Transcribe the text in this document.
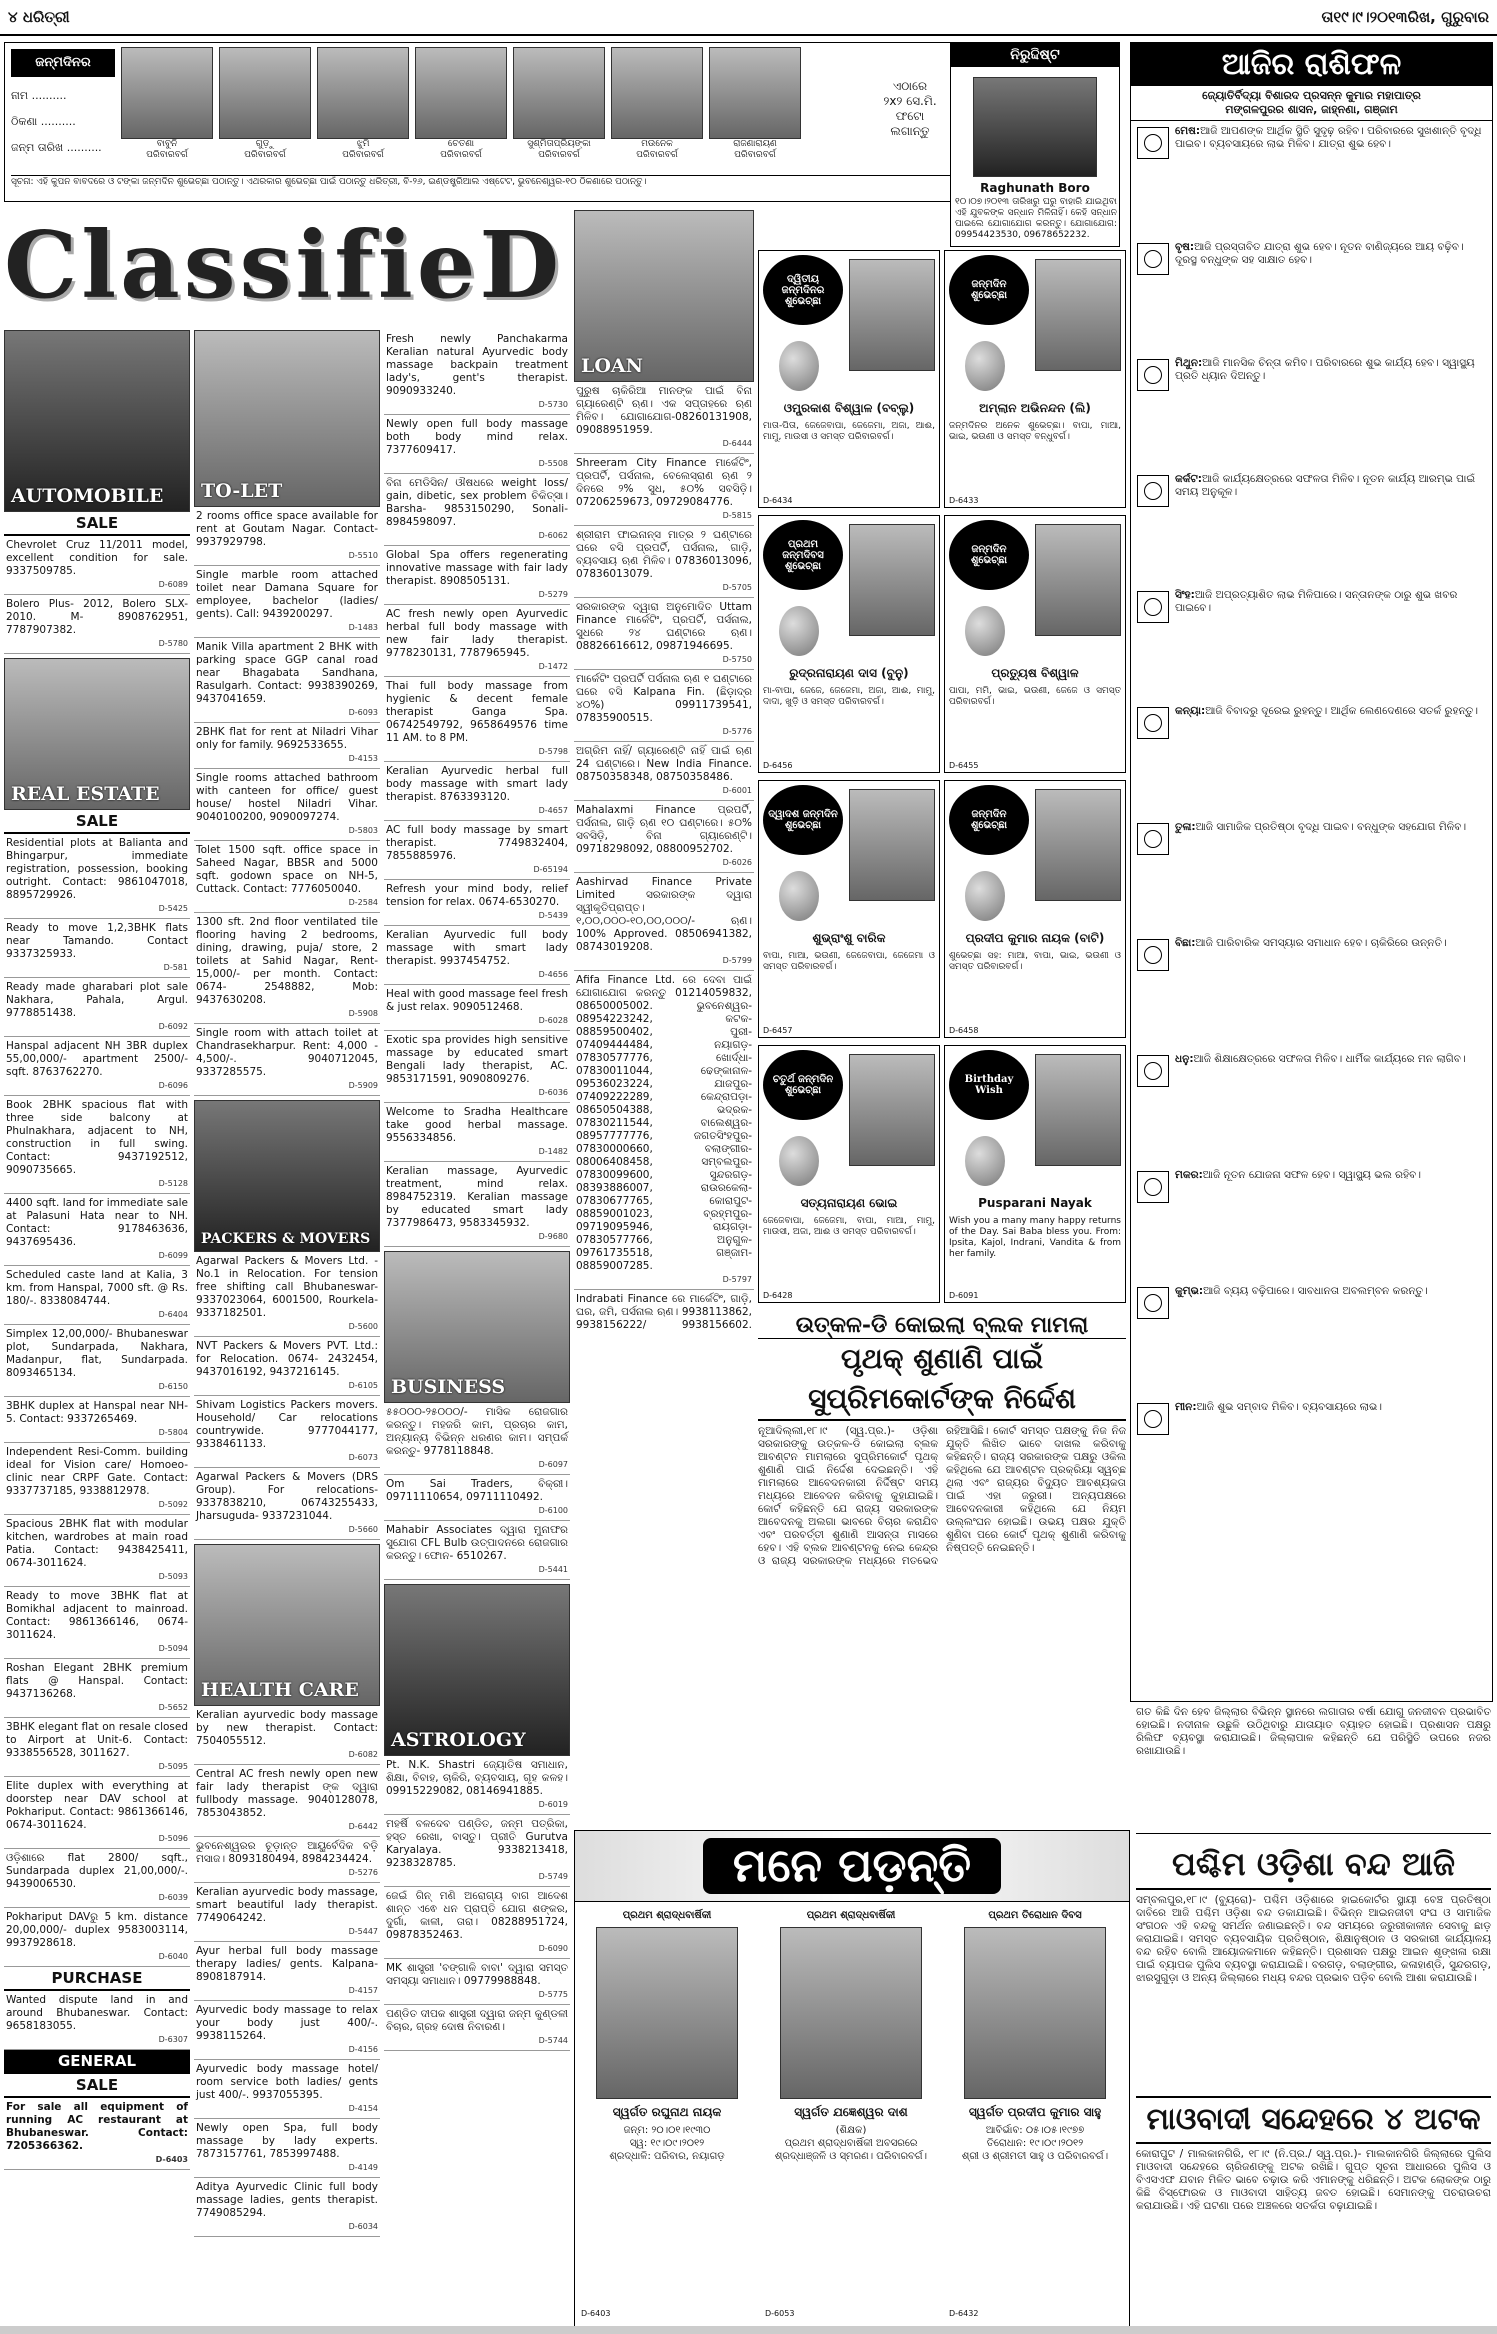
୪ ଧରିତ୍ରୀ	ତା୧୯।୯।୨୦୧୩ରିଖ, ଗୁରୁବାର
ଜନ୍ମଦିନର
ନାମ ..........
ଠିକଣା ..........
ଜନ୍ମ ତାରିଖ ..........	ବାବୁନି
ପରିବାରବର୍ଗ
ଗୁଡ଼ୁ
ପରିବାରବର୍ଗ
ଝୁମି
ପରିବାରବର୍ଗ
ଚେତଣା
ପରିବାରବର୍ଗ
ସୁଶ୍ମିତାପ୍ରିୟଙ୍କା
ପରିବାରବର୍ଗ
ମଉନେକ
ପରିବାରବର୍ଗ
ରାଜଣାରାୟଣ
ପରିବାରବର୍ଗ
ଏଠାରେ
୨x୨ ସେ.ମି.
ଫଟୋ
ଲଗାନ୍ତୁ
ସୂଚନା: ଏହି କୁପନ ବାବଦରେ ଓ ଟଙ୍କା ଜନ୍ମଦିନ ଶୁଭେଚ୍ଛା ପଠାନ୍ତୁ। ଏଥରକାର ଶୁଭେଚ୍ଛା ପାଇଁ ପଠାନ୍ତୁ ଧରିତ୍ରୀ, ବି-୨୬, ଇଣ୍ଡଷ୍ଟ୍ରିଆଲ ଏଷ୍ଟେଟ, ଭୁବନେଶ୍ୱର-୧୦ ଠିକଣାରେ ପଠାନ୍ତୁ।
ନିରୁଦ୍ଦିଷ୍ଟ
Raghunath Boro
୧୦।୦୭।୨୦୧୩ ତାରିଖରୁ ଘରୁ ବାହାରି ଯାଇଥିବା ଏହି ଯୁବକଙ୍କ ସନ୍ଧାନ ମିଳିନାହିଁ। କେହି ସନ୍ଧାନ ପାଇଲେ ଯୋଗାଯୋଗ କରନ୍ତୁ। ଯୋଗାଯୋଗ: 09954423530, 09678652232.
ଆଜିର ରାଶିଫଳ
ଜ୍ୟୋତିର୍ବିଦ୍ୟା ବିଶାରଦ ପ୍ରସନ୍ନ କୁମାର ମହାପାତ୍ର
ମଙ୍ଗଳପୁରର ଶାସନ, ଜାହ୍ନଣା, ଗଞ୍ଜାମ

ମେଷ:ଆଜି ଆପଣଙ୍କ ଆର୍ଥିକ ସ୍ଥିତି ସୁଦୃଢ଼ ରହିବ। ପରିବାରରେ ସୁଖଶାନ୍ତି ବୃଦ୍ଧି ପାଇବ। ବ୍ୟବସାୟରେ ଲାଭ ମିଳିବ। ଯାତ୍ରା ଶୁଭ ହେବ।

ବୃଷ:ଆଜି ପ୍ରସ୍ତାବିତ ଯାତ୍ରା ଶୁଭ ହେବ। ନୂତନ ବାଣିଜ୍ୟରେ ଆୟ ବଢ଼ିବ। ଦୂରସ୍ଥ ବନ୍ଧୁଙ୍କ ସହ ସାକ୍ଷାତ ହେବ।

ମିଥୁନ:ଆଜି ମାନସିକ ଚିନ୍ତା କମିବ। ପରିବାରରେ ଶୁଭ କାର୍ଯ୍ୟ ହେବ। ସ୍ୱାସ୍ଥ୍ୟ ପ୍ରତି ଧ୍ୟାନ ଦିଅନ୍ତୁ।

କର୍କଟ:ଆଜି କାର୍ଯ୍ୟକ୍ଷେତ୍ରରେ ସଫଳତା ମିଳିବ। ନୂତନ କାର୍ଯ୍ୟ ଆରମ୍ଭ ପାଇଁ ସମୟ ଅନୁକୂଳ।

ସିଂହ:ଆଜି ଅପ୍ରତ୍ୟାଶିତ ଲାଭ ମିଳିପାରେ। ସନ୍ତାନଙ୍କ ଠାରୁ ଶୁଭ ଖବର ପାଇବେ।

କନ୍ୟା:ଆଜି ବିବାଦରୁ ଦୂରେଇ ରୁହନ୍ତୁ। ଆର୍ଥିକ ଲେଣଦେଣରେ ସତର୍କ ରୁହନ୍ତୁ।

ତୁଳା:ଆଜି ସାମାଜିକ ପ୍ରତିଷ୍ଠା ବୃଦ୍ଧି ପାଇବ। ବନ୍ଧୁଙ୍କ ସହଯୋଗ ମିଳିବ।

ବିଛା:ଆଜି ପାରିବାରିକ ସମସ୍ୟାର ସମାଧାନ ହେବ। ଚାକିରିରେ ଉନ୍ନତି।

ଧନୁ:ଆଜି ଶିକ୍ଷାକ୍ଷେତ୍ରରେ ସଫଳତା ମିଳିବ। ଧାର୍ମିକ କାର୍ଯ୍ୟରେ ମନ ଲାଗିବ।

ମକର:ଆଜି ନୂତନ ଯୋଜନା ସଫଳ ହେବ। ସ୍ୱାସ୍ଥ୍ୟ ଭଲ ରହିବ।

କୁମ୍ଭ:ଆଜି ବ୍ୟୟ ବଢ଼ିପାରେ। ସାବଧାନତା ଅବଲମ୍ବନ କରନ୍ତୁ।

ମୀନ:ଆଜି ଶୁଭ ସମ୍ବାଦ ମିଳିବ। ବ୍ୟବସାୟରେ ଲାଭ।

ClassifieD
AUTOMOBILE
SALE
Chevrolet Cruz 11/2011 model, excellent condition for sale. 9337509785.
D-6089
Bolero Plus- 2012, Bolero SLX- 2010. M- 8908762951, 7787907382.
D-5780
REAL ESTATE
SALE
Residential plots at Balianta and Bhingarpur, immediate registration, possession, booking outright. Contact: 9861047018, 8895729926.
D-5425
Ready to move 1,2,3BHK flats near Tamando. Contact 9337325933.
D-581
Ready made gharabari plot sale Nakhara, Pahala, Argul. 9778851438.
D-6092
Hanspal adjacent NH 3BR duplex 55,00,000/- apartment 2500/- sqft. 8763762270.
D-6096
Book 2BHK spacious flat with three side balcony at Phulnakhara, adjacent to NH, construction in full swing. Contact: 9437192512, 9090735665.
D-5128
4400 sqft. land for immediate sale at Palasuni Hata near to NH. Contact: 9178463636, 9437695436.
D-6099
Scheduled caste land at Kalia, 3 km. from Hanspal, 7000 sft. @ Rs. 180/-. 8338084744.
D-6404
Simplex 12,00,000/- Bhubaneswar plot, Sundarpada, Nakhara, Madanpur, flat, Sundarpada. 8093465134.
D-6150
3BHK duplex at Hanspal near NH-5. Contact: 9337265469.
D-5804
Independent Resi-Comm. building ideal for Vision care/ Homoeo-clinic near CRPF Gate. Contact: 9337737185, 9338812978.
D-5092
Spacious 2BHK flat with modular kitchen, wardrobes at main road Patia. Contact: 9438425411, 0674-3011624.
D-5093
Ready to move 3BHK flat at Bomikhal adjacent to mainroad. Contact: 9861366146, 0674-3011624.
D-5094
Roshan Elegant 2BHK premium flats @ Hanspal. Contact: 9437136268.
D-5652
3BHK elegant flat on resale closed to Airport at Unit-6. Contact: 9338556528, 3011627.
D-5095
Elite duplex with everything at doorstep near DAV school at Pokhariput. Contact: 9861366146, 0674-3011624.
D-5096
ଓଡ଼ିଶାରେ flat 2800/ sqft., Sundarpada duplex 21,00,000/-. 9439006530.
D-6039
Pokhariput DAVରୁ 5 km. distance 20,00,000/- duplex 9583003114, 9937928618.
D-6040
PURCHASE
Wanted dispute land in and around Bhubaneswar. Contact: 9658183055.
D-6307
GENERAL
SALE
For sale all equipment of running AC restaurant at Bhubaneswar. Contact: 7205366362.
D-6403
TO-LET
2 rooms office space available for rent at Goutam Nagar. Contact-9937929798.
D-5510
Single marble room attached toilet near Damana Square for employee, bachelor (ladies/ gents). Call: 9439200297.
D-1483
Manik Villa apartment 2 BHK with parking space GGP canal road near Bhagabata Sandhana, Rasulgarh. Contact: 9938390269, 9437041659.
D-6093
2BHK flat for rent at Niladri Vihar only for family. 9692533655.
D-4153
Single rooms attached bathroom with canteen for office/ guest house/ hostel Niladri Vihar. 9040100200, 9090097274.
D-5803
Tolet 1500 sqft. office space in Saheed Nagar, BBSR and 5000 sqft. godown space on NH-5, Cuttack. Contact: 7776050040.
D-2584
1300 sft. 2nd floor ventilated tile flooring having 2 bedrooms, dining, drawing, puja/ store, 2 toilets at Sahid Nagar, Rent- 15,000/- per month. Contact: 0674- 2548882, Mob: 9437630208.
D-5908
Single room with attach toilet at Chandrasekharpur. Rent: 4,000 - 4,500/-. 9040712045, 9337285575.
D-5909
PACKERS & MOVERS
Agarwal Packers & Movers Ltd. - No.1 in Relocation. For tension free shifting call Bhubaneswar- 9337023064, 6001500, Rourkela-9337182501.
D-5600
NVT Packers & Movers PVT. Ltd.: for Relocation. 0674- 2432454, 9437016192, 9437216145.
D-6105
Shivam Logistics Packers movers. Household/ Car relocations countrywide. 9777044177, 9338461133.
D-6073
Agarwal Packers & Movers (DRS Group). For relocations- 9337838210, 06743255433, Jharsuguda- 9337231044.
D-5660
HEALTH CARE
Keralian ayurvedic body massage by new therapist. Contact: 7504055512.
D-6082
Central AC fresh newly open new fair lady therapist ଙ୍କ ଦ୍ୱାରା fullbody massage. 9040128078, 7853043852.
D-6442
ଭୁବନେଶ୍ୱରର ଚୂଡ଼ାନ୍ତ ଆୟୁର୍ବେଦିକ ବଡ଼ି ମସାଜ। 8093180494, 8984234424.
D-5276
Keralian ayurvedic body massage, smart beautiful lady therapist. 7749064242.
D-5447
Ayur herbal full body massage therapy ladies/ gents. Kalpana- 8908187914.
D-4157
Ayurvedic body massage to relax your body just 400/-. 9938115264.
D-4156
Ayurvedic body massage hotel/ room service both ladies/ gents just 400/-. 9937055395.
D-4154
Newly open Spa, full body massage by lady experts. 7873157761, 7853997488.
D-4149
Aditya Ayurvedic Clinic full body massage ladies, gents therapist. 7749085294.
D-6034
Fresh newly Panchakarma Keralian natural Ayurvedic body massage backpain treatment lady's, gent's therapist. 9090933240.
D-5730
Newly open full body massage both body mind relax. 7377609417.
D-5508
ବିନା ମେଡିସିନ/ ଔଷଧରେ weight loss/ gain, dibetic, sex problem ଚିକିତ୍ସା। Barsha- 9853150290, Sonali- 8984598097.
D-6062
Global Spa offers regenerating innovative massage with fair lady therapist. 8908505131.
D-5279
AC fresh newly open Ayurvedic herbal full body massage with new fair lady therapist. 9778230131, 7787965945.
D-1472
Thai full body massage from hygienic & decent female therapist Ganga Spa. 06742549792, 9658649576 time 11 AM. to 8 PM.
D-5798
Keralian Ayurvedic herbal full body massage with smart lady therapist. 8763393120.
D-4657
AC full body massage by smart therapist. 7749832404, 7855885976.
D-65194
Refresh your mind body, relief tension for relax. 0674-6530270.
D-5439
Keralian Ayurvedic full body massage with smart lady therapist. 9937454752.
D-4656
Heal with good massage feel fresh & just relax. 9090512468.
D-6028
Exotic spa provides high sensitive massage by educated smart Bengali lady therapist, AC. 9853171591, 9090809276.
D-6036
Welcome to Sradha Healthcare take good herbal massage. 9556334856.
D-1482
Keralian massage, Ayurvedic treatment, mind relax. 8984752319. Keralian massage by educated smart lady 7377986473, 9583345932.
D-9680
BUSINESS
୫୫୦୦୦-୨୫୦୦୦/- ମାସିକ ରୋଜଗାର କରନ୍ତୁ। ମହଜରି କାମ, ପ୍ରଚାର କାମ, ଅନ୍ୟାନ୍ୟ ବିଭିନ୍ନ ଧରଣର କାମ। ସମ୍ପର୍କ କରନ୍ତୁ- 9778118848.
D-6097
Om Sai Traders, ବିକ୍ରୀ। 09711110654, 09711110492.
D-6100
Mahabir Associates ଦ୍ୱାରା ମୁନାଫର ସୁଯୋଗ CFL Bulb ଉତ୍ପାଦନରେ ରୋଜଗାର କରନ୍ତୁ। ଫୋନ- 6510267.
D-5441
ASTROLOGY
Pt. N.K. Shastri ଜ୍ୟୋତିଷ ସମାଧାନ, ଶିକ୍ଷା, ବିବାହ, ଚାକିରି, ବ୍ୟବସାୟ, ଗୃହ କଳହ। 09915229082, 08146941885.
D-6019
ମହର୍ଷି ବଳଦେବ ପଣ୍ଡିତ, ଜନ୍ମ ପତ୍ରିକା, ହସ୍ତ ରେଖା, ବାସ୍ତୁ। ପ୍ରୀତି Gurutva Karyalaya. 9338213418, 9238328785.
D-5749
ଜେଇଁ ଗିନ୍ ମଣି ଅରୋଗ୍ୟ ବାଗ ଆଦେଶ ଶାନ୍ତ ଏଵେ ଧନ ପ୍ରାପ୍ତି ଯୋଗ ଶଙ୍କର, ଦୁର୍ଗା, କାଳୀ, ତାରା। 08288951724, 09878352463.
D-6090
MK ଶାସ୍ତ୍ରୀ 'ବଙ୍ଗାଳି ବାବା' ଦ୍ୱାରା ସମସ୍ତ ସମସ୍ୟା ସମାଧାନ। 09779988848.
D-5775
ପଣ୍ଡିତ ଦୀପକ ଶାସ୍ତ୍ରୀ ଦ୍ୱାରା ଜନ୍ମ କୁଣ୍ଡଳୀ ବିଚାର, ଗ୍ରହ ଦୋଷ ନିବାରଣ।
D-5744
LOAN
ପୁରୁଷ ଚାକିରିଆ ମାନଙ୍କ ପାଇଁ ବିନା ଗ୍ୟାରେଣ୍ଟି ଋଣ। ଏକ ସପ୍ତାହରେ ଋଣ ମିଳିବ। ଯୋଗାଯୋଗ-08260131908, 09088951959.
D-6444
Shreeram City Finance ମାର୍କେଟିଂ, ପ୍ରପର୍ଟି, ପର୍ସନାଲ, ବେଲେସ୍ରାଣ ଋଣ ୨ ଦିନରେ ୨% ସୁଧ, ୫୦% ସବସିଡ଼ି। 07206259673, 09729084776.
D-5815
ଶ୍ରୀରାମ ଫାଇନାନ୍ସ ମାତ୍ର ୨ ଘଣ୍ଟାରେ ଘରେ ବସି ପ୍ରପର୍ଟି, ପର୍ସନାଲ, ଗାଡ଼ି, ବ୍ୟବସାୟ ଋଣ ମିଳିବ। 07836013096, 07836013079.
D-5705
ସରକାରଙ୍କ ଦ୍ୱାରା ଅନୁମୋଦିତ Uttam Finance ମାର୍କେଟିଂ, ପ୍ରପର୍ଟି, ପର୍ସନାଲ, ସୁଧରେ ୨୪ ଘଣ୍ଟାରେ ଋଣ। 08826616612, 09871946695.
D-5750
ମାର୍କେଟିଂ ପ୍ରପର୍ଟି ପର୍ସନାଲ ଋଣ ୧ ଘଣ୍ଟାରେ ଘରେ ବସି Kalpana Fin. (ଛିଡ଼ାଦ୍ର ୪୦%) 09911739541, 07835900515.
D-5776
ଅଗ୍ରିମ ନାହିଁ/ ଗ୍ୟାରେଣ୍ଟି ନାହିଁ ପାଇଁ ଋଣ 24 ଘଣ୍ଟାରେ। New India Finance. 08750358348, 08750358486.
D-6001
Mahalaxmi Finance ପ୍ରପର୍ଟି, ପର୍ସନାଲ, ଗାଡ଼ି ଋଣ ୧୦ ଘଣ୍ଟାରେ। ୫୦% ସବସିଡ଼ି, ବିନା ଗ୍ୟାରେଣ୍ଟି। 09718298092, 08800952702.
D-6026
Aashirvad Finance Private Limited ସରକାରଙ୍କ ଦ୍ୱାରା ସ୍ୱୀକୃତିପ୍ରାପ୍ତ। ୧,୦୦,୦୦୦-୧୦,୦୦,୦୦୦/- ଋଣ। 100% Approved. 08506941382, 08743019208.
D-5799
Afifa Finance Ltd. ରେ ଦେବା ପାଇଁ ଯୋଗାଯୋଗ କରନ୍ତୁ 01214059832, 08650005002. ଭୁବନେଶ୍ୱର- 08954223242, କଟକ- 08859500402, ପୁରୀ- 07409444484, ନୟାଗଡ଼- 07830577776, ଖୋର୍ଦ୍ଧା- 07830011044, ଢେଙ୍କାନାଳ- 09536023224, ଯାଜପୁର- 07409222289, କେନ୍ଦ୍ରାପଡ଼ା- 08650504388, ଭଦ୍ରକ- 07830211544, ବାଲେଶ୍ୱର- 08957777776, ଜଗତସିଂହପୁର- 07830000660, ବଲାଙ୍ଗୀର- 08006408458, ସମ୍ବଲପୁର- 07830099600, ସୁନ୍ଦରଗଡ଼- 08393886007, ରାଉରକେଲା- 07830677765, କୋରାପୁଟ- 08859001023, ବ୍ରହ୍ମପୁର- 09719095946, ରାୟଗଡ଼ା- 07830577766, ଅନୁଗୁଳ- 09761735518, ଗଞ୍ଜାମ- 08859007285.
D-5797
Indrabati Finance ରେ ମାର୍କେଟିଂ, ଗାଡ଼ି, ଘର, ଜମି, ପର୍ସନାଲ ଋଣ। 9938113862, 9938156222/ 9938156602.
ଦ୍ୱିତୀୟ ଜନ୍ମଦିନର ଶୁଭେଚ୍ଛା
ଓମ୍ପ୍ରକାଶ ବିଶ୍ୱାଳ (ବବ୍ଲୁ)
ମାତା-ପିତା, ଜେଜେବାପା, ଜେଜେମା, ଅଜା, ଆଈ, ମାମୁ, ମାଉସୀ ଓ ସମସ୍ତ ପରିବାରବର୍ଗ।
D-6434
ଜନ୍ମଦିନ ଶୁଭେଚ୍ଛା
ଅମ୍ଲାନ ଅଭିନନ୍ଦନ (ଲି)
ଜନ୍ମଦିନର ଅନେକ ଶୁଭେଚ୍ଛା। ବାପା, ମାଆ, ଭାଇ, ଭଉଣୀ ଓ ସମସ୍ତ ବନ୍ଧୁବର୍ଗ।
D-6433
ପ୍ରଥମ ଜନ୍ମଦିବସ ଶୁଭେଚ୍ଛା
ରୁଦ୍ରନାରାୟଣ ଦାସ (ବୁନୁ)
ମା-ବାପା, ଜେଜେ, ଜେଜେମା, ଅଜା, ଆଈ, ମାମୁ, ଦାଦା, ଖୁଡ଼ି ଓ ସମସ୍ତ ପରିବାରବର୍ଗ।
D-6456
ଜନ୍ମଦିନ ଶୁଭେଚ୍ଛା
ପ୍ରତ୍ୟୁଷ ବିଶ୍ୱାଳ
ପାପା, ମମି, ଭାଇ, ଭଉଣୀ, ଜେଜେ ଓ ସମସ୍ତ ପରିବାରବର୍ଗ।
D-6455
ଦ୍ୱାଦଶ ଜନ୍ମଦିନ ଶୁଭେଚ୍ଛା
ଶୁଭ୍ରାଂଶୁ ବାରିକ
ବାପା, ମାଆ, ଭଉଣୀ, ଜେଜେବାପା, ଜେଜେମା ଓ ସମସ୍ତ ପରିବାରବର୍ଗ।
D-6457
ଜନ୍ମଦିନ ଶୁଭେଚ୍ଛା
ପ୍ରଦୀପ କୁମାର ନାୟକ (ବାଟି)
ଶୁଭେଚ୍ଛା ସହ: ମାଆ, ବାପା, ଭାଇ, ଭଉଣୀ ଓ ସମସ୍ତ ପରିବାରବର୍ଗ।
D-6458
ଚତୁର୍ଥ ଜନ୍ମଦିନ ଶୁଭେଚ୍ଛା
ସତ୍ୟନାରାୟଣ ଭୋଇ
ଜେଜେବାପା, ଜେଜେମା, ବାପା, ମାଆ, ମାମୁ, ମାଉସୀ, ଅଜା, ଆଈ ଓ ସମସ୍ତ ପରିବାରବର୍ଗ।
D-6428
Birthday Wish
Pusparani Nayak
Wish you a many many happy returns of the Day. Sai Baba bless you. From: Ipsita, Kajol, Indrani, Vandita & from her family.
D-6091
ଉତ୍କଳ-ଡି କୋଇଲା ବ୍ଲକ ମାମଲା
ପୃଥକ୍ ଶୁଣାଣି ପାଇଁ ସୁପ୍ରିମକୋର୍ଟଙ୍କ ନିର୍ଦ୍ଦେଶ
ନୂଆଦିଲ୍ଲୀ,୧୮।୯ (ସ୍ୱ.ପ୍ର.)- ଓଡ଼ିଶା ସରକାରଙ୍କୁ ଉତ୍କଳ-ଡି କୋଇଲା ବ୍ଲକ ଆବଣ୍ଟନ ମାମଲାରେ ସୁପ୍ରିମକୋର୍ଟ ପୃଥକ୍ ଶୁଣାଣି ପାଇଁ ନିର୍ଦ୍ଦେଶ ଦେଇଛନ୍ତି। ଏହି ମାମଲାରେ ଆବେଦନକାରୀ ନିର୍ଦ୍ଦିଷ୍ଟ ସମୟ ମଧ୍ୟରେ ଆବେଦନ କରିବାକୁ କୁହାଯାଇଛି। କୋର୍ଟ କହିଛନ୍ତି ଯେ ରାଜ୍ୟ ସରକାରଙ୍କ ଆବେଦନକୁ ଅଲଗା ଭାବରେ ବିଚାର କରାଯିବ ଏବଂ ପରବର୍ତ୍ତୀ ଶୁଣାଣି ଆସନ୍ତା ମାସରେ ହେବ। ଏହି ବ୍ଲକ ଆବଣ୍ଟନକୁ ନେଇ କେନ୍ଦ୍ର ଓ ରାଜ୍ୟ ସରକାରଙ୍କ ମଧ୍ୟରେ ମତଭେଦ ରହିଆସିଛି। କୋର୍ଟ ସମସ୍ତ ପକ୍ଷଙ୍କୁ ନିଜ ନିଜ ଯୁକ୍ତି ଲିଖିତ ଭାବେ ଦାଖଲ କରିବାକୁ କହିଛନ୍ତି। ରାଜ୍ୟ ସରକାରଙ୍କ ପକ୍ଷରୁ ଓକିଲ କହିଥିଲେ ଯେ ଆବଣ୍ଟନ ପ୍ରକ୍ରିୟା ସ୍ୱଚ୍ଛ ଥିଲା ଏବଂ ରାଜ୍ୟର ବିଦ୍ୟୁତ ଆବଶ୍ୟକତା ପାଇଁ ଏହା ଜରୁରୀ। ଅନ୍ୟପକ୍ଷରେ ଆବେଦନକାରୀ କହିଥିଲେ ଯେ ନିୟମ ଉଲ୍ଲଂଘନ ହୋଇଛି। ଉଭୟ ପକ୍ଷର ଯୁକ୍ତି ଶୁଣିବା ପରେ କୋର୍ଟ ପୃଥକ୍ ଶୁଣାଣି କରିବାକୁ ନିଷ୍ପତ୍ତି ନେଇଛନ୍ତି।
ଗତ କିଛି ଦିନ ହେବ ଜିଲ୍ଲାର ବିଭିନ୍ନ ସ୍ଥାନରେ ଲଗାତାର ବର୍ଷା ଯୋଗୁ ଜନଜୀବନ ପ୍ରଭାବିତ ହୋଇଛି। ନଦୀନାଳ ଉଛୁଳି ଉଠିଥିବାରୁ ଯାତାୟାତ ବ୍ୟାହତ ହୋଇଛି। ପ୍ରଶାସନ ପକ୍ଷରୁ ରିଲିଫ ବ୍ୟବସ୍ଥା କରାଯାଇଛି। ଜିଲ୍ଲାପାଳ କହିଛନ୍ତି ଯେ ପରିସ୍ଥିତି ଉପରେ ନଜର ରଖାଯାଉଛି।
ପଶ୍ଚିମ ଓଡ଼ିଶା ବନ୍ଦ ଆଜି
ସମ୍ବଲପୁର,୧୮।୯ (ବ୍ୟୁରୋ)- ପଶ୍ଚିମ ଓଡ଼ିଶାରେ ହାଇକୋର୍ଟର ସ୍ଥାୟୀ ବେଞ୍ଚ ପ୍ରତିଷ୍ଠା ଦାବିରେ ଆଜି ପଶ୍ଚିମ ଓଡ଼ିଶା ବନ୍ଦ ଡକାଯାଇଛି। ବିଭିନ୍ନ ଆଇନଜୀବୀ ସଂଘ ଓ ସାମାଜିକ ସଂଗଠନ ଏହି ବନ୍ଦକୁ ସମର୍ଥନ ଜଣାଇଛନ୍ତି। ବନ୍ଦ ସମୟରେ ଜରୁରୀକାଳୀନ ସେବାକୁ ଛାଡ଼ କରାଯାଇଛି। ସମସ୍ତ ବ୍ୟବସାୟିକ ପ୍ରତିଷ୍ଠାନ, ଶିକ୍ଷାନୁଷ୍ଠାନ ଓ ସରକାରୀ କାର୍ଯ୍ୟାଳୟ ବନ୍ଦ ରହିବ ବୋଲି ଆୟୋଜକମାନେ କହିଛନ୍ତି। ପ୍ରଶାସନ ପକ୍ଷରୁ ଆଇନ ଶୃଙ୍ଖଳା ରକ୍ଷା ପାଇଁ ବ୍ୟାପକ ପୁଲିସ ବ୍ୟବସ୍ଥା କରାଯାଇଛି। ବରଗଡ଼, ବଲାଙ୍ଗୀର, କଳାହାଣ୍ଡି, ସୁନ୍ଦରଗଡ଼, ଝାରସୁଗୁଡ଼ା ଓ ଅନ୍ୟ ଜିଲ୍ଲାରେ ମଧ୍ୟ ବନ୍ଦର ପ୍ରଭାବ ପଡ଼ିବ ବୋଲି ଆଶା କରାଯାଉଛି।
ମାଓବାଦୀ ସନ୍ଦେହରେ ୪ ଅଟକ
କୋରାପୁଟ / ମାଲକାନଗିରି, ୧୮।୯ (ନି.ପ୍ର./ ସ୍ୱ.ପ୍ର.)- ମାଲକାନଗିରି ଜିଲ୍ଲାରେ ପୁଲିସ ମାଓବାଦୀ ସନ୍ଦେହରେ ଚାରିଜଣଙ୍କୁ ଅଟକ ରଖିଛି। ଗୁପ୍ତ ସୂଚନା ଆଧାରରେ ପୁଲିସ ଓ ବିଏସଏଫ ଯବାନ ମିଳିତ ଭାବେ ଚଢ଼ାଉ କରି ଏମାନଙ୍କୁ ଧରିଛନ୍ତି। ଅଟକ ଲୋକଙ୍କ ଠାରୁ କିଛି ବିସ୍ଫୋରକ ଓ ମାଓବାଦୀ ସାହିତ୍ୟ ଜବତ ହୋଇଛି। ସେମାନଙ୍କୁ ପଚରାଉଚରା କରାଯାଉଛି। ଏହି ଘଟଣା ପରେ ଅଞ୍ଚଳରେ ସତର୍କତା ବଢ଼ାଯାଇଛି।
ମନେ ପଡ଼ନ୍ତି
ପ୍ରଥମ ଶ୍ରାଦ୍ଧବାର୍ଷିକୀ
ସ୍ୱର୍ଗତ ରଘୁନାଥ ନାୟକ
ଜନ୍ମ: ୨୦।୦୧।୧୯୩୦
ସ୍ୱ: ୧୯।୦୯।୨୦୧୨
ଶ୍ରଦ୍ଧାଳି: ପରିବାର, ନୟାଗଡ଼
D-6403
ପ୍ରଥମ ଶ୍ରାଦ୍ଧବାର୍ଷିକୀ
ସ୍ୱର୍ଗତ ଯଜ୍ଞେଶ୍ୱର ଦାଶ
(ଶିକ୍ଷକ)
ପ୍ରଥମ ଶ୍ରାଦ୍ଧବାର୍ଷିକୀ ଅବସରରେ ଶ୍ରଦ୍ଧାଞ୍ଜଳି ଓ ସ୍ମରଣ। ପରିବାରବର୍ଗ।
D-6053
ପ୍ରଥମ ତିରୋଧାନ ଦିବସ
ସ୍ୱର୍ଗତ ପ୍ରଦୀପ କୁମାର ସାହୁ
ଆବିର୍ଭାବ: ୦୫।୦୫।୧୯୭୭
ତିରୋଧାନ: ୧୯।୦୯।୨୦୧୨
ଶ୍ରୀ ଓ ଶ୍ରୀମତୀ ସାହୁ ଓ ପରିବାରବର୍ଗ।
D-6432
